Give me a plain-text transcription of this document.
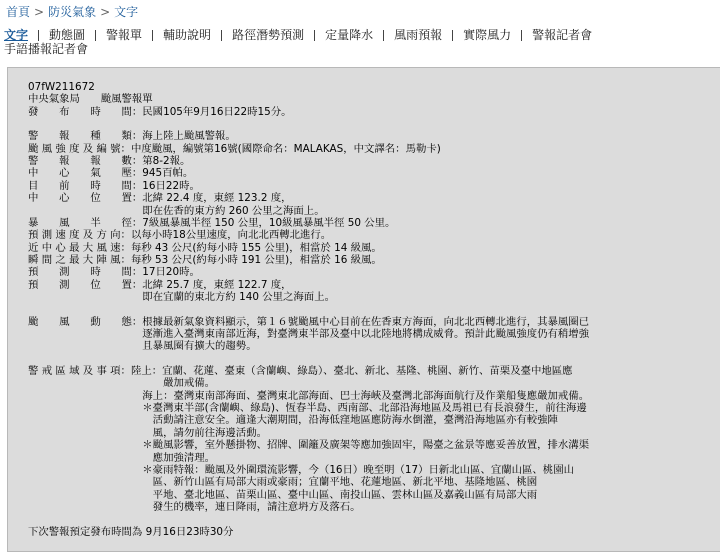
首頁 > 防災氣象 > 文字
文字 動態圖 警報單 輔助說明 路徑潛勢預測 定量降水 風雨預報 實際風力 警報記者會
手語播報記者會
07fW211672
中央氣象局　　颱風警報單
發　　布　　時　　間：民國105年9月16日22時15分。
警　　報　　種　　類：海上陸上颱風警報。
颱 風 強 度 及 編 號：中度颱風，編號第16號(國際命名：MALAKAS，中文譯名：馬勒卡)
警　　報　　報　　數：第8-2報。
中　　心　　氣　　壓：945百帕。
目　　前　　時　　間：16日22時。
中　　心　　位　　置：北緯 22.4 度，東經 123.2 度，
　　　　　　　　　　　即在佐香的東方約 260 公里之海面上。
暴　　風　　半　　徑：7級風暴風半徑 150 公里，10級風暴風半徑 50 公里。
預 測 速 度 及 方 向：以每小時18公里速度，向北北西轉北進行。
近 中 心 最 大 風 速：每秒 43 公尺(約每小時 155 公里)，相當於 14 級風。
瞬 間 之 最 大 陣 風：每秒 53 公尺(約每小時 191 公里)，相當於 16 級風。
預　　測　　時　　間：17日20時。
預　　測　　位　　置：北緯 25.7 度，東經 122.7 度，
　　　　　　　　　　　即在宜蘭的東北方約 140 公里之海面上。
颱　　風　　動　　態：根據最新氣象資料顯示，第１６號颱風中心目前在佐香東方海面，向北北西轉北進行，其暴風圈已
　　　　　　　　　　　逐漸進入臺灣東南部近海，對臺灣東半部及臺中以北陸地將構成威脅。預計此颱風強度仍有稍增強
　　　　　　　　　　　且暴風圈有擴大的趨勢。
警 戒 區 域 及 事 項：陸上：宜蘭、花蓮、臺東（含蘭嶼、綠島）、臺北、新北、基隆、桃園、新竹、苗栗及臺中地區應
　　　　　　　　　　　　　嚴加戒備。
　　　　　　　　　　　海上：臺灣東南部海面、臺灣東北部海面、巴士海峽及臺灣北部海面航行及作業船隻應嚴加戒備。
　　　　　　　　　　　＊臺灣東半部(含蘭嶼、綠島)、恆春半島、西南部、北部沿海地區及馬祖已有長浪發生，前往海邊
　　　　　　　　　　　　活動請注意安全。適逢大潮期間，沿海低窪地區應防海水倒灌，臺灣沿海地區亦有較強陣
　　　　　　　　　　　　風，請勿前往海邊活動。
　　　　　　　　　　　＊颱風影響，室外懸掛物、招牌、圍籬及廣架等應加強固牢，陽臺之盆景等應妥善放置，排水溝渠
　　　　　　　　　　　　應加強清理。
　　　　　　　　　　　＊豪雨特報：颱風及外圍環流影響，今（16日）晚至明（17）日新北山區、宜蘭山區、桃園山
　　　　　　　　　　　　區、新竹山區有局部大雨或豪雨；宜蘭平地、花蓮地區、新北平地、基隆地區、桃園
　　　　　　　　　　　　平地、臺北地區、苗栗山區、臺中山區、南投山區、雲林山區及嘉義山區有局部大雨
　　　　　　　　　　　　發生的機率，連日降雨，請注意坍方及落石。
下次警報預定發布時間為 9月16日23時30分
